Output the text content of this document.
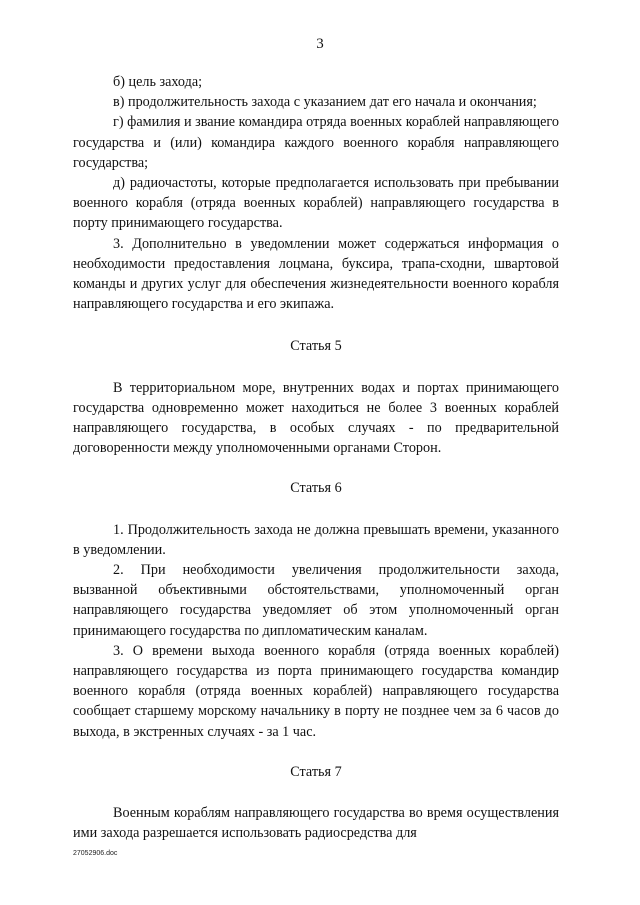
3

б) цель захода;

в) продолжительность захода с указанием дат его начала и окончания;

г) фамилия и звание командира отряда военных кораблей направляющего государства и (или) командира каждого военного корабля направляющего государства;

д) радиочастоты, которые предполагается использовать при пребывании военного корабля (отряда военных кораблей) направляющего государства в порту принимающего государства.

3. Дополнительно в уведомлении может содержаться информация о необходимости предоставления лоцмана, буксира, трапа-сходни, швартовой команды и других услуг для обеспечения жизнедеятельности военного корабля направляющего государства и его экипажа.

Статья 5

В территориальном море, внутренних водах и портах принимающего государства одновременно может находиться не более 3 военных кораблей направляющего государства, в особых случаях - по предварительной договоренности между уполномоченными органами Сторон.

Статья 6

1. Продолжительность захода не должна превышать времени, указанного в уведомлении.

2. При необходимости увеличения продолжительности захода, вызванной объективными обстоятельствами, уполномоченный орган направляющего государства уведомляет об этом уполномоченный орган принимающего государства по дипломатическим каналам.

3. О времени выхода военного корабля (отряда военных кораблей) направляющего государства из порта принимающего государства командир военного корабля (отряда военных кораблей) направляющего государства сообщает старшему морскому начальнику в порту не позднее чем за 6 часов до выхода, в экстренных случаях - за 1 час.

Статья 7

Военным кораблям направляющего государства во время осуществления ими захода разрешается использовать радиосредства для

27052906.doc
